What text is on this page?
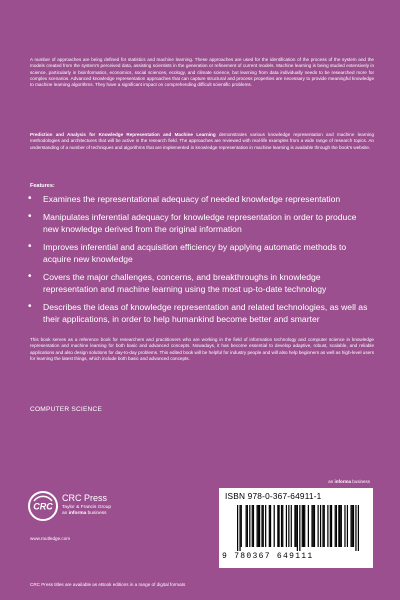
A number of approaches are being defined for statistics and machine learning. These approaches are used for the identification of the process of the system and the models created from the system's perceived data, assisting scientists in the generation or refinement of current models. Machine learning is being studied extensively in science, particularly in bioinformatics, economics, social sciences, ecology, and climate science, but learning from data individually needs to be researched more for complex scenarios. Advanced knowledge representation approaches that can capture structural and process properties are necessary to provide meaningful knowledge to machine learning algorithms. They have a significant impact on comprehending difficult scientific problems.
Prediction and Analysis for Knowledge Representation and Machine Learning demonstrates various knowledge representation and machine learning methodologies and architectures that will be active in the research field. The approaches are reviewed with real-life examples from a wide range of research topics. An understanding of a number of techniques and algorithms that are implemented in knowledge representation in machine learning is available through the book's website.
Features:
• Examines the representational adequacy of needed knowledge representation
• Manipulates inferential adequacy for knowledge representation in order to produce new knowledge derived from the original information
• Improves inferential and acquisition efficiency by applying automatic methods to acquire new knowledge
• Covers the major challenges, concerns, and breakthroughs in knowledge representation and machine learning using the most up-to-date technology
• Describes the ideas of knowledge representation and related technologies, as well as their applications, in order to help humankind become better and smarter
This book serves as a reference book for researchers and practitioners who are working in the field of information technology and computer science in knowledge representation and machine learning for both basic and advanced concepts. Nowadays, it has become essential to develop adaptive, robust, scalable, and reliable applications and also design solutions for day-to-day problems. This edited book will be helpful for industry people and will also help beginners as well as high-level users for learning the latest things, which include both basic and advanced concepts.
COMPUTER SCIENCE
an informa business
CRC
CRC Press
Taylor & Francis Group
an informa business
www.routledge.com
ISBN 978-0-367-64911-1
9 780367 649111
CRC Press titles are available as eBook editions in a range of digital formats
